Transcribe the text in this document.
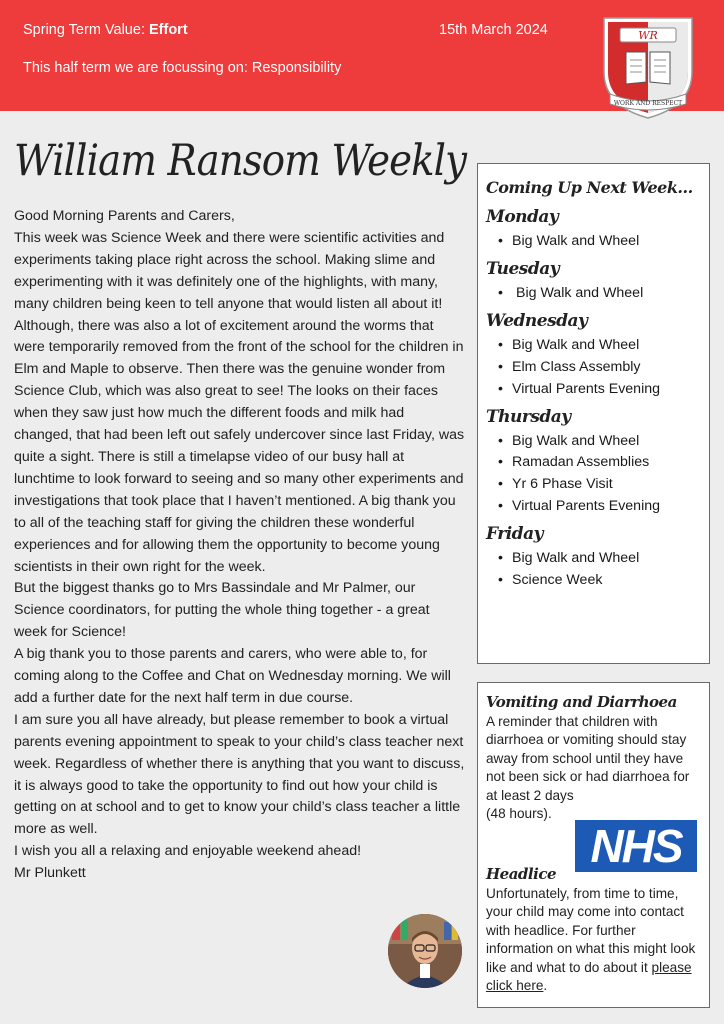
Spring Term Value: Effort	15th March 2024
This half term we are focussing on: Responsibility
WR
WORK AND RESPECT
William Ransom Weekly

Good Morning Parents and Carers,

This week was Science Week and there were scientific activities and experiments taking place right across the school. Making slime and experimenting with it was definitely one of the highlights, with many, many children being keen to tell anyone that would listen all about it! Although, there was also a lot of excitement around the worms that were temporarily removed from the front of the school for the children in Elm and Maple to observe. Then there was the genuine wonder from Science Club, which was also great to see! The looks on their faces when they saw just how much the different foods and milk had changed, that had been left out safely undercover since last Friday, was quite a sight. There is still a timelapse video of our busy hall at lunchtime to look forward to seeing and so many other experiments and investigations that took place that I haven’t mentioned. A big thank you to all of the teaching staff for giving the children these wonderful experiences and for allowing them the opportunity to become young scientists in their own right for the week.

But the biggest thanks go to Mrs Bassindale and Mr Palmer, our Science coordinators, for putting the whole thing together - a great week for Science!

A big thank you to those parents and carers, who were able to, for coming along to the Coffee and Chat on Wednesday morning. We will add a further date for the next half term in due course.

I am sure you all have already, but please remember to book a virtual parents evening appointment to speak to your child’s class teacher next week. Regardless of whether there is anything that you want to discuss, it is always good to take the opportunity to find out how your child is getting on at school and to get to know your child’s class teacher a little more as well.

I wish you all a relaxing and enjoyable weekend ahead!

Mr Plunkett

Coming Up Next Week...
Monday
• Big Walk and Wheel
Tuesday
• Big Walk and Wheel
Wednesday
• Big Walk and Wheel
• Elm Class Assembly
• Virtual Parents Evening
Thursday
• Big Walk and Wheel
• Ramadan Assemblies
• Yr 6 Phase Visit
• Virtual Parents Evening
Friday
• Big Walk and Wheel
• Science Week
Vomiting and Diarrhoea
A reminder that children with diarrhoea or vomiting should stay away from school until they have not been sick or had diarrhoea for at least 2 days
(48 hours).
NHS
Headlice
Unfortunately, from time to time, your child may come into contact with headlice. For further information on what this might look like and what to do about it please click here.
